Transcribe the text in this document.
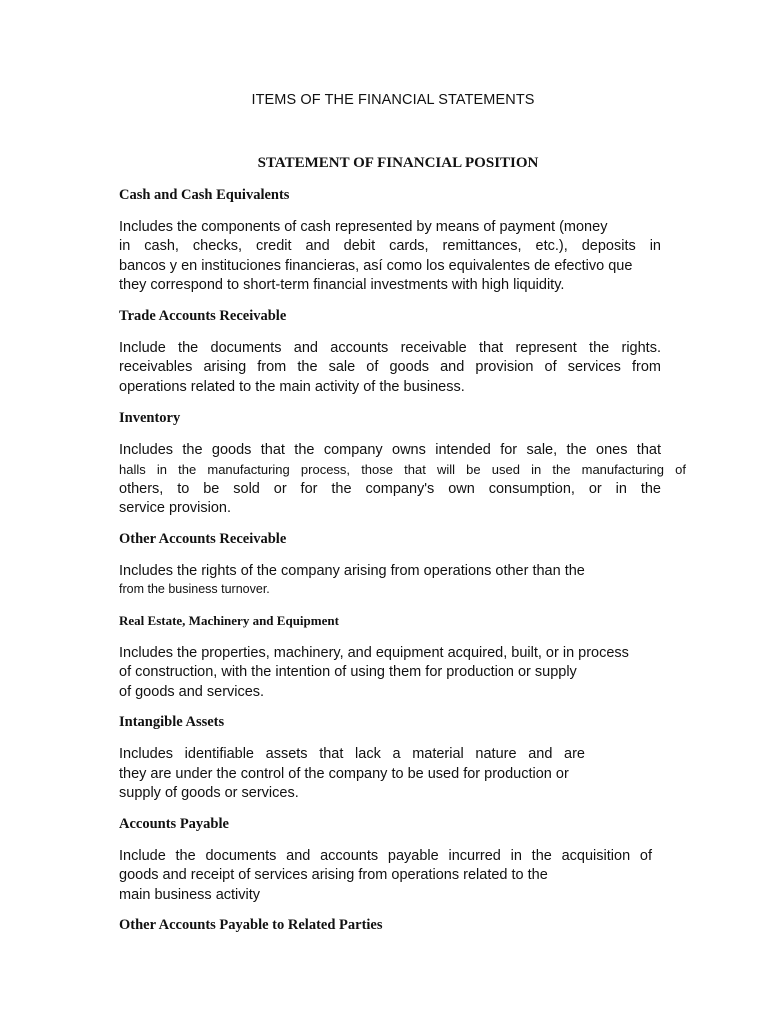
ITEMS OF THE FINANCIAL STATEMENTS
STATEMENT OF FINANCIAL POSITION
Cash and Cash Equivalents
Includes the components of cash represented by means of payment (money
in cash, checks, credit and debit cards, remittances, etc.), deposits in
bancos y en instituciones financieras, así como los equivalentes de efectivo que
they correspond to short-term financial investments with high liquidity.
Trade Accounts Receivable
Include the documents and accounts receivable that represent the rights.
receivables arising from the sale of goods and provision of services from
operations related to the main activity of the business.
Inventory
Includes the goods that the company owns intended for sale, the ones that
halls in the manufacturing process, those that will be used in the manufacturing of
others, to be sold or for the company's own consumption, or in the
service provision.
Other Accounts Receivable
Includes the rights of the company arising from operations other than the
from the business turnover.
Real Estate, Machinery and Equipment
Includes the properties, machinery, and equipment acquired, built, or in process
of construction, with the intention of using them for production or supply
of goods and services.
Intangible Assets
Includes identifiable assets that lack a material nature and are
they are under the control of the company to be used for production or
supply of goods or services.
Accounts Payable
Include the documents and accounts payable incurred in the acquisition of
goods and receipt of services arising from operations related to the
main business activity
Other Accounts Payable to Related Parties
